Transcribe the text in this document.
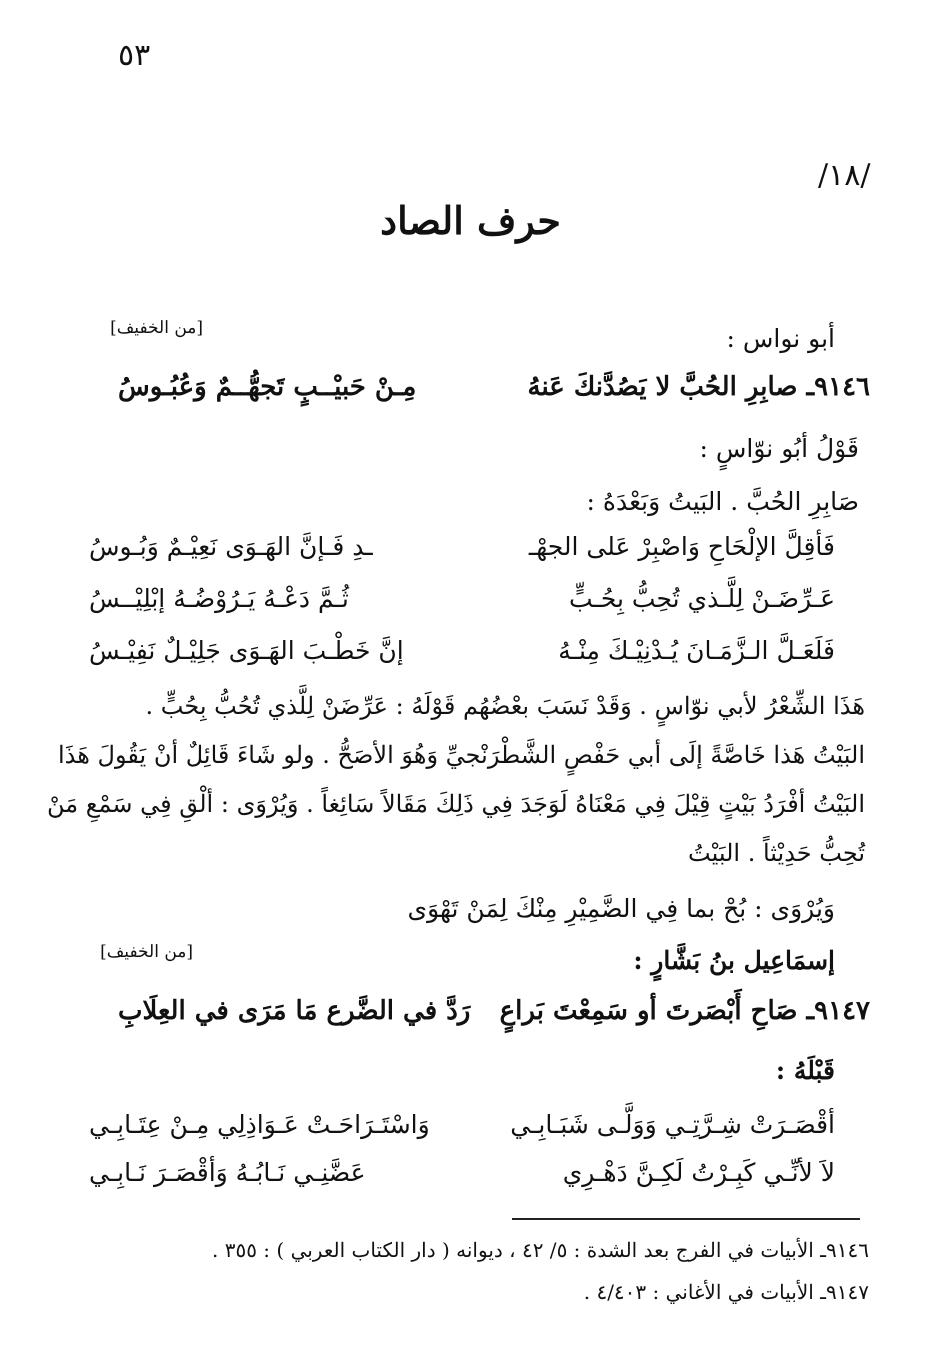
٥٣
/١٨/
حرف الصاد
[من الخفيف]	أبو نواس :
٩١٤٦ـ صابِرِ الحُبَّ لا يَصُدَّنكَ عَنهُ
مِـنْ حَبيْــبٍ تَجهُّــمٌ وَعُبُـوسُ
قَوْلُ أبُو نوّاسٍ :
صَابِرِ الحُبَّ . البَيتُ وَبَعْدَهُ :
فَأقِلَّ الإلْحَاحِ وَاصْبِرْ عَلى الجهْـ
ـدِ فَـإنَّ الهَـوَى نَعِيْـمٌ وَبُـوسُ
عَـرِّضَـنْ لِلَّـذي تُحِبُّ بِحُـبٍّ
ثُـمَّ دَعْـهُ يَـرُوْضُـهُ إبْلِيْــسُ
فَلَعَـلَّ الـزَّمَـانَ يُـدْنِيْـكَ مِنْـهُ
إنَّ خَطْـبَ الهَـوَى جَلِيْـلٌ نَفِيْـسُ
هَذَا الشِّعْرُ لأبي نوّاسٍ . وَقَدْ نَسَبَ بعْضُهُم قَوْلَهُ : عَرِّضَنْ لِلَّذي تُحُبُّ بِحُبٍّ .
البَيْتُ هَذا خَاصَّةً إلَى أبي حَفْصٍ الشَّطْرَنْجيِّ وَهُوَ الأصَحُّ . ولو شَاءَ قَائِلٌ أنْ يَقُولَ هَذَا
البَيْتُ أفْرَدُ بَيْتٍ قِيْلَ فِي مَعْنَاهُ لَوَجَدَ فِي ذَلِكَ مَقَالاً سَائِغاً . وَيُرْوَى : ألْقِ فِي سَمْعِ مَنْ
تُحِبُّ حَدِيْثاً . البَيْتُ
وَيُرْوَى : بُحْ بما فِي الضَّمِيْرِ مِنْكَ لِمَنْ تَهْوَى
[من الخفيف]	إسمَاعِيل بنُ بَشَّارٍ :
٩١٤٧ـ صَاحِ أَبْصَرتَ أو سَمِعْتَ بَراعٍ
رَدَّ في الضَّرع مَا مَرَى في العِلَابِ
قَبْلَهُ :
أقْصَـرَتْ شِـرَّتِـي وَوَلَّـى شَبَـابِـي
وَاسْتَـرَاحَـتْ عَـوَاذِلِي مِـنْ عِتَـابِـي
لاَ لأنِّـي كَبِـرْتُ لَكِـنَّ دَهْـرِي
عَضَّنِـي نَـابُـهُ وَأقْصَـرَ نَـابِـي
٩١٤٦ـ الأبيات في الفرج بعد الشدة : ٥/ ٤٢ ، ديوانه ( دار الكتاب العربي ) : ٣٥٥ .
٩١٤٧ـ الأبيات في الأغاني : ٤/٤٠٣ .
